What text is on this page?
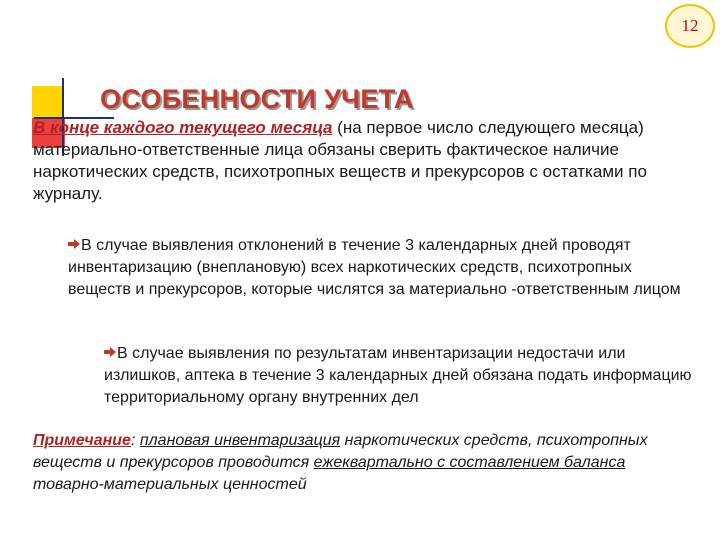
12
ОСОБЕННОСТИ УЧЕТА
В конце каждого текущего месяца (на первое число следующего месяца) материально-ответственные лица обязаны сверить фактическое наличие наркотических средств, психотропных веществ и прекурсоров с остатками по журналу.
В случае выявления отклонений в течение 3 календарных дней проводят инвентаризацию (внеплановую) всех наркотических средств, психотропных веществ и прекурсоров, которые числятся за материально -ответственным лицом
В случае выявления по результатам инвентаризации недостачи или излишков, аптека в течение 3 календарных дней обязана подать информацию территориальному органу внутренних дел
Примечание: плановая инвентаризация наркотических средств, психотропных веществ и прекурсоров проводится ежеквартально с составлением баланса товарно-материальных ценностей
